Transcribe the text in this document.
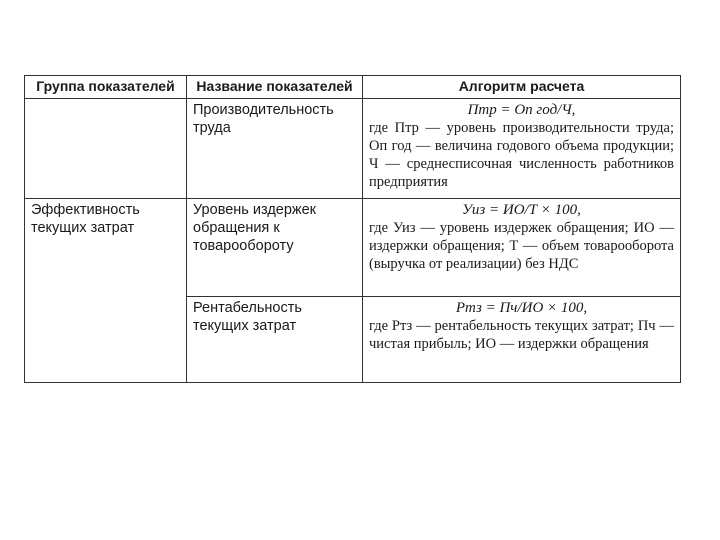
Группа показателей	Название показателей	Алгоритм расчета
	Производительность труда	Птр = Оп год/Ч,
где Птр — уровень производительности труда; Оп год — величина годового объема продукции; Ч — среднесписочная численность работников предприятия

Эффективность текущих затрат	Уровень издержек обращения к товарообороту	Уиз = ИО/Т × 100,
где Уиз — уровень издержек обращения; ИО — издержки обращения; Т — объем товарооборота (выручка от реализации) без НДС

	Рентабельность текущих затрат	Ртз = Пч/ИО × 100,
где Ртз — рентабельность текущих затрат; Пч — чистая прибыль; ИО — издержки обращения
